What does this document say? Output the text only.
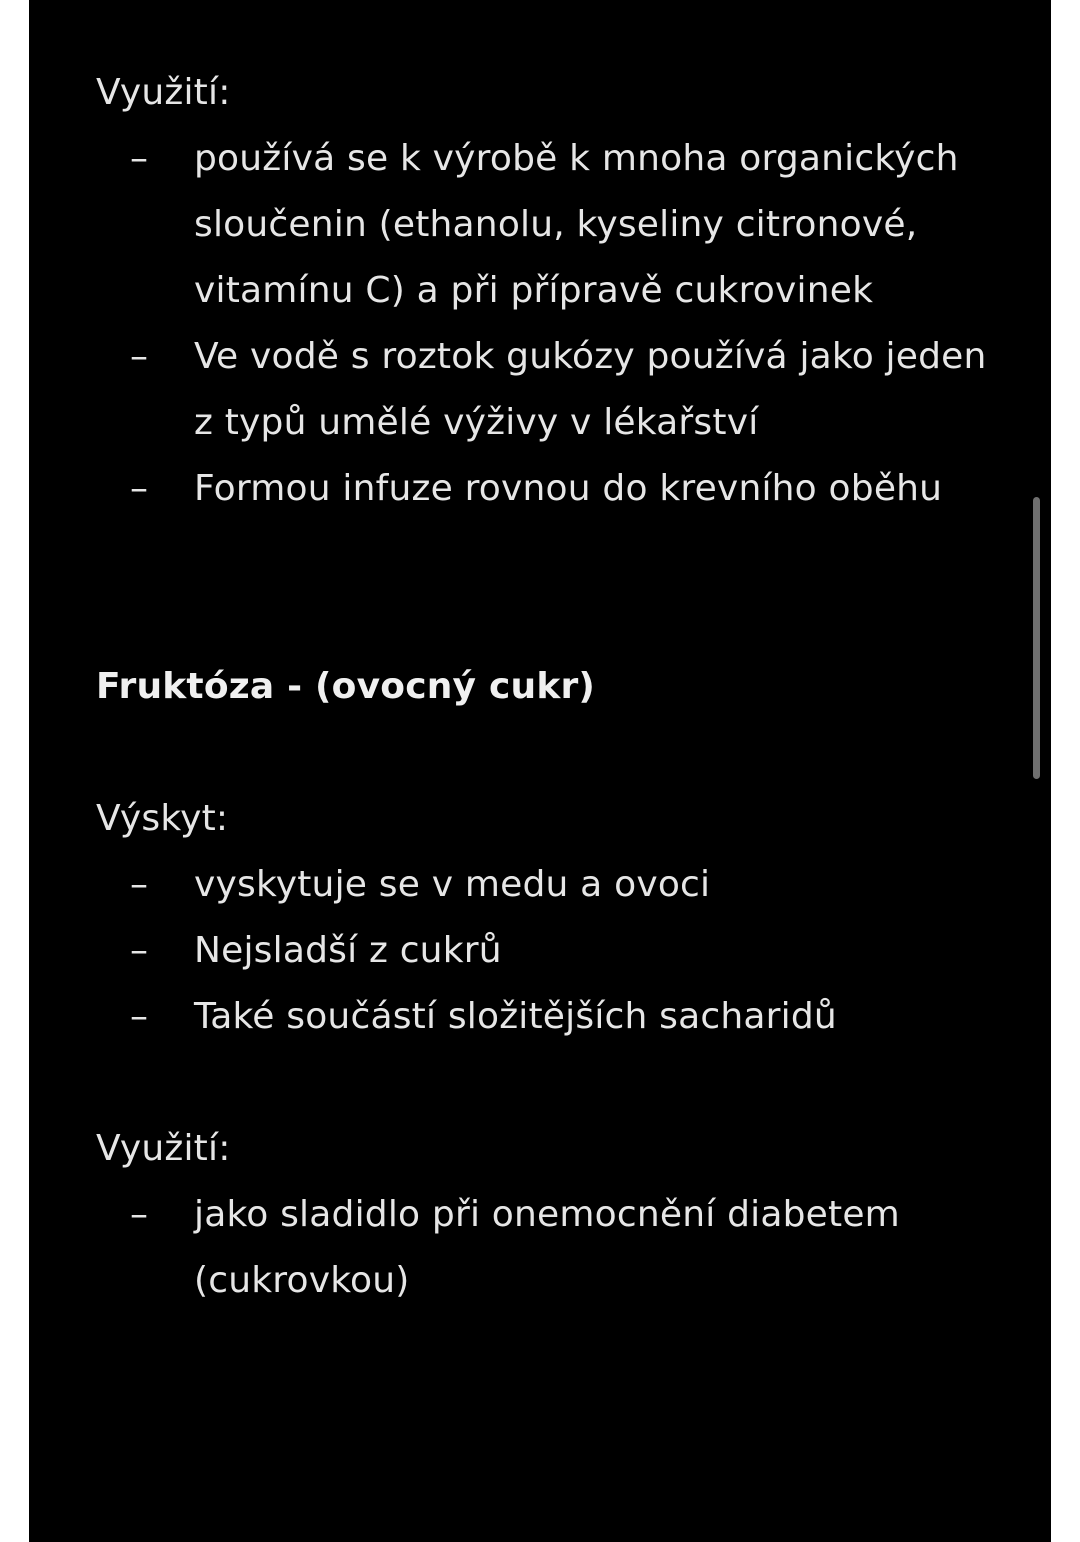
Využití:

– používá se k výrobě k mnoha organických sloučenin (ethanolu, kyseliny citronové, vitamínu C) a při přípravě cukrovinek
– Ve vodě s roztok gukózy používá jako jeden z typů umělé výživy v lékařství
– Formou infuze rovnou do krevního oběhu

Fruktóza - (ovocný cukr)

Výskyt:

– vyskytuje se v medu a ovoci
– Nejsladší z cukrů
– Také součástí složitějších sacharidů

Využití:

– jako sladidlo při onemocnění diabetem (cukrovkou)
